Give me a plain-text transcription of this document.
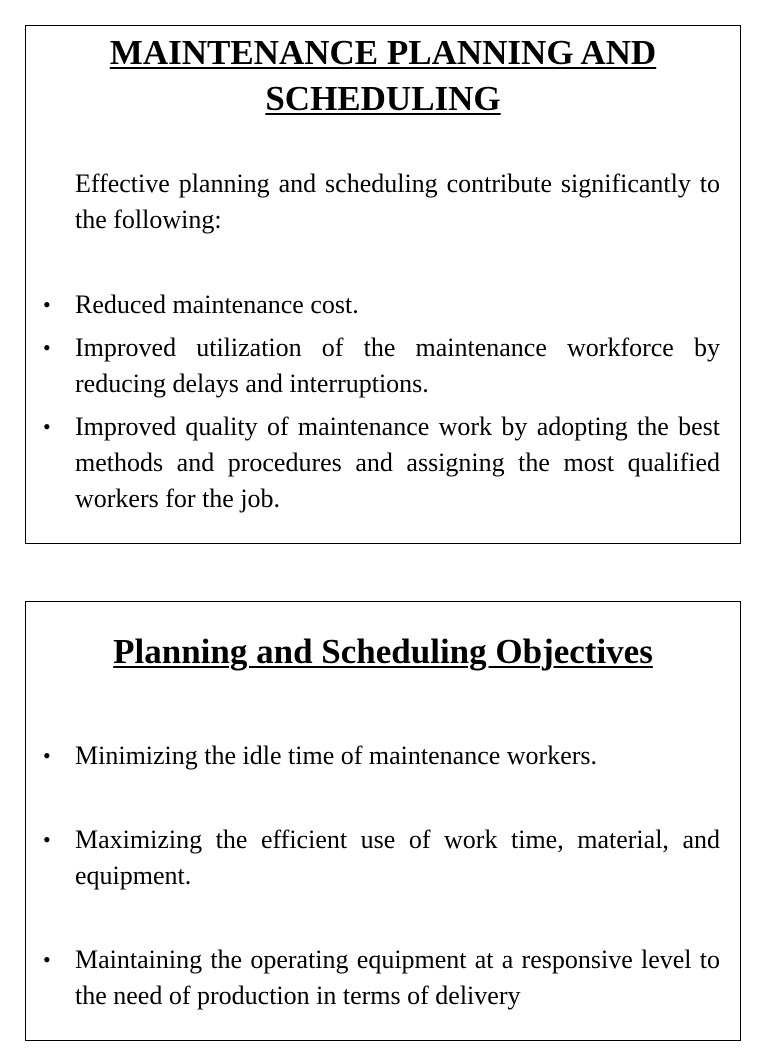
MAINTENANCE PLANNING AND SCHEDULING

Effective planning and scheduling contribute significantly to the following:

• Reduced maintenance cost.
• Improved utilization of the maintenance workforce by reducing delays and interruptions.
• Improved quality of maintenance work by adopting the best methods and procedures and assigning the most qualified workers for the job.
Planning and Scheduling Objectives
• Minimizing the idle time of maintenance workers.
• Maximizing the efficient use of work time, material, and equipment.
• Maintaining the operating equipment at a responsive level to the need of production in terms of delivery
